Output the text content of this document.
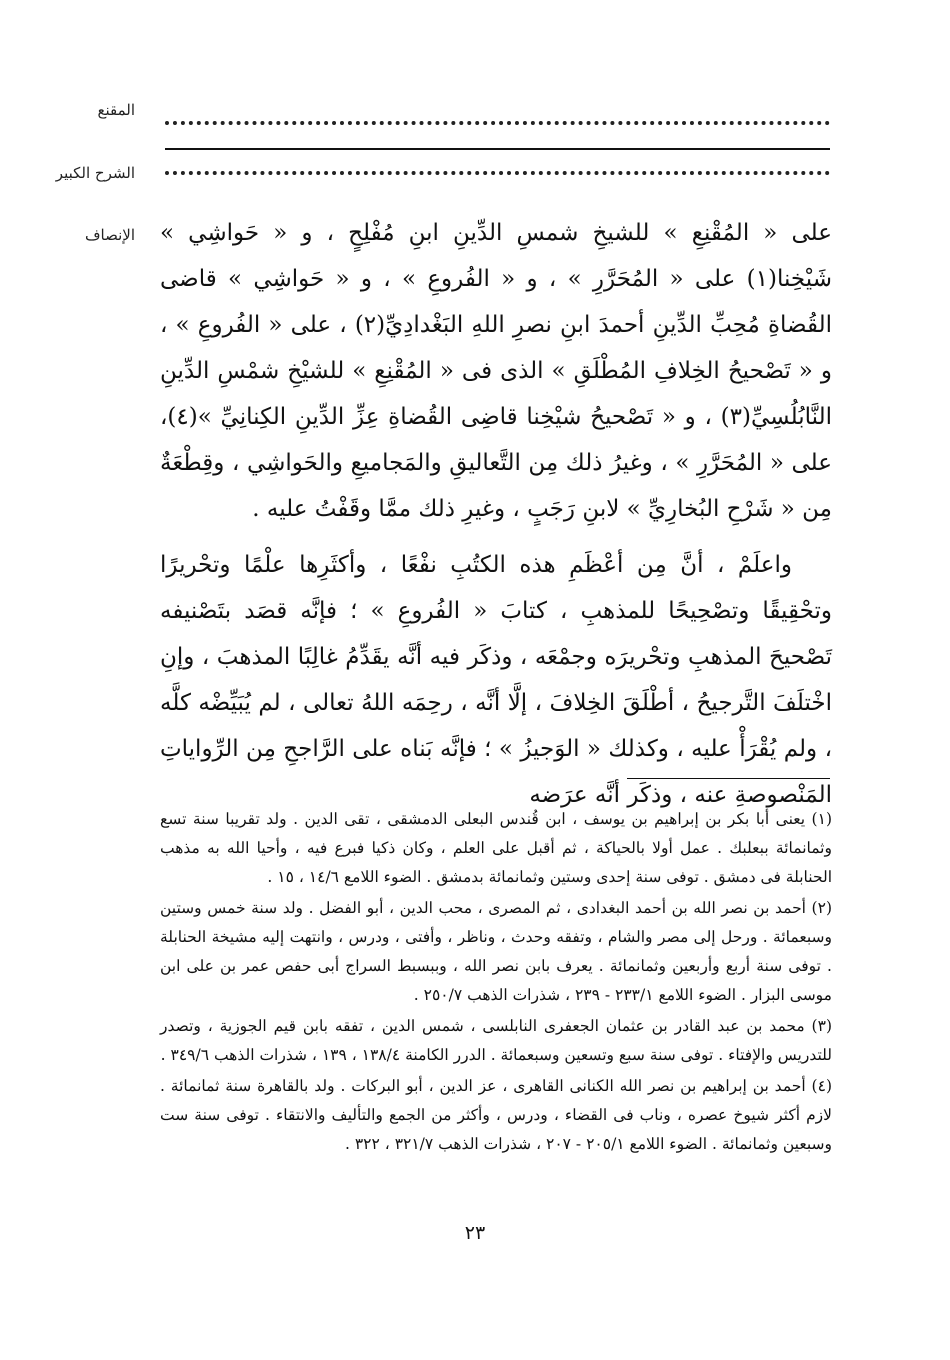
المقنع
الشرح الكبير
الإنصاف على « المُقْنِعِ » للشيخِ شمسِ الدِّينِ ابنِ مُفْلِحٍ ، و « حَواشِي » شَيْخِنا(١) على « المُحَرَّرِ » ، و « الفُروعِ » ، و « حَواشِي » قاضى القُضاةِ مُحِبِّ الدِّينِ أحمدَ ابنِ نصرِ اللهِ البَغْدادِيِّ(٢) ، على « الفُروعِ » ، و « تَصْحيحُ الخِلافِ المُطْلَقِ » الذى فى « المُقْنِعِ » للشيْخِ شمْسِ الدِّينِ النَّابُلُسِيِّ(٣) ، و « تَصْحيحُ شيْخِنا قاضِى القُضاةِ عِزِّ الدِّينِ الكِنانِيِّ »(٤)، على « المُحَرَّرِ » ، وغيرُ ذلك مِن التَّعاليقِ والمَجاميعِ والحَواشِي ، وقِطْعَةٌ مِن « شَرْحِ البُخارِيِّ » لابنِ رَجَبٍ ، وغيرِ ذلك ممَّا وقَفْتُ عليه .

واعلَمْ ، أنَّ مِن أعْظَمِ هذه الكتُبِ نفْعًا ، وأكثَرِها علْمًا وتحْريرًا وتحْقِيقًا وتصْحِيحًا للمذهبِ ، كتابَ « الفُروعِ » ؛ فإنَّه قصَد بتَصْنيفه تَصْحيحَ المذهبِ وتحْريرَه وجمْعَه ، وذكَر فيه أنَّه يقَدِّمُ غالِبًا المذهبَ ، وإنِ اخْتلَفَ التَّرجيحُ ، أطْلَقَ الخِلافَ ، إلَّا أنَّه ، رحِمَه اللهُ تعالى ، لم يُبَيِّضْه كلَّه ، ولم يُقْرَأْ عليه ، وكذلك « الوَجيزُ » ؛ فإنَّه بَناه على الرَّاجحِ مِن الرِّواياتِ المَنْصوصةِ عنه ، وذكَر أنَّه عرَضه

(١) يعنى أبا بكر بن إبراهيم بن يوسف ، ابن قُندس البعلى الدمشقى ، تقى الدين . ولد تقريبا سنة تسع وثمانمائة ببعلبك . عمل أولا بالحياكة ، ثم أقبل على العلم ، وكان ذكيا فبرع فيه ، وأحيا الله به مذهب الحنابلة فى دمشق . توفى سنة إحدى وستين وثمانمائة بدمشق . الضوء اللامع ١٤/٦ ، ١٥ .

(٢) أحمد بن نصر الله بن أحمد البغدادى ، ثم المصرى ، محب الدين ، أبو الفضل . ولد سنة خمس وستين وسبعمائة . ورحل إلى مصر والشام ، وتفقه وحدث ، وناظر ، وأفتى ، ودرس ، وانتهت إليه مشيخة الحنابلة . توفى سنة أربع وأربعين وثمانمائة . يعرف بابن نصر الله ، وببسبط السراج أبى حفص عمر بن على ابن موسى البزار . الضوء اللامع ٢٣٣/١ - ٢٣٩ ، شذرات الذهب ٢٥٠/٧ .

(٣) محمد بن عبد القادر بن عثمان الجعفرى النابلسى ، شمس الدين ، تفقه بابن قيم الجوزية ، وتصدر للتدريس والإفتاء . توفى سنة سبع وتسعين وسبعمائة . الدرر الكامنة ١٣٨/٤ ، ١٣٩ ، شذرات الذهب ٣٤٩/٦ .

(٤) أحمد بن إبراهيم بن نصر الله الكنانى القاهرى ، عز الدين ، أبو البركات . ولد بالقاهرة سنة ثمانمائة . لازم أكثر شيوخ عصره ، وناب فى القضاء ، ودرس ، وأكثر من الجمع والتأليف والانتقاء . توفى سنة ست وسبعين وثمانمائة . الضوء اللامع ٢٠٥/١ - ٢٠٧ ، شذرات الذهب ٣٢١/٧ ، ٣٢٢ .

٢٣
